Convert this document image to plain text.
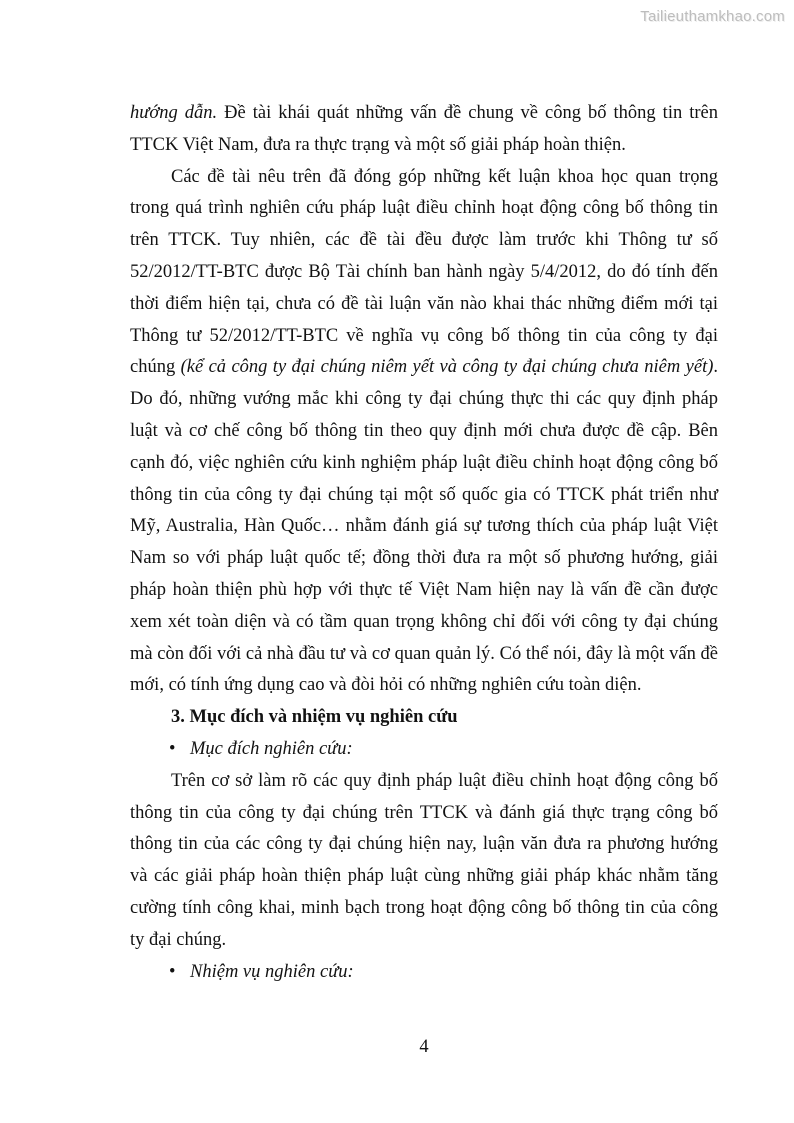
Tailieuthamkhao.com

hướng dẫn. Đề tài khái quát những vấn đề chung về công bố thông tin trên TTCK Việt Nam, đưa ra thực trạng và một số giải pháp hoàn thiện.

Các đề tài nêu trên đã đóng góp những kết luận khoa học quan trọng trong quá trình nghiên cứu pháp luật điều chỉnh hoạt động công bố thông tin trên TTCK. Tuy nhiên, các đề tài đều được làm trước khi Thông tư số 52/2012/TT-BTC được Bộ Tài chính ban hành ngày 5/4/2012, do đó tính đến thời điểm hiện tại, chưa có đề tài luận văn nào khai thác những điểm mới tại Thông tư 52/2012/TT-BTC về nghĩa vụ công bố thông tin của công ty đại chúng (kể cả công ty đại chúng niêm yết và công ty đại chúng chưa niêm yết). Do đó, những vướng mắc khi công ty đại chúng thực thi các quy định pháp luật và cơ chế công bố thông tin theo quy định mới chưa được đề cập. Bên cạnh đó, việc nghiên cứu kinh nghiệm pháp luật điều chỉnh hoạt động công bố thông tin của công ty đại chúng tại một số quốc gia có TTCK phát triển như Mỹ, Australia, Hàn Quốc… nhằm đánh giá sự tương thích của pháp luật Việt Nam so với pháp luật quốc tế; đồng thời đưa ra một số phương hướng, giải pháp hoàn thiện phù hợp với thực tế Việt Nam hiện nay là vấn đề cần được xem xét toàn diện và có tầm quan trọng không chỉ đối với công ty đại chúng mà còn đối với cả nhà đầu tư và cơ quan quản lý. Có thể nói, đây là một vấn đề mới, có tính ứng dụng cao và đòi hỏi có những nghiên cứu toàn diện.

3. Mục đích và nhiệm vụ nghiên cứu

• Mục đích nghiên cứu:

Trên cơ sở làm rõ các quy định pháp luật điều chỉnh hoạt động công bố thông tin của công ty đại chúng trên TTCK và đánh giá thực trạng công bố thông tin của các công ty đại chúng hiện nay, luận văn đưa ra phương hướng và các giải pháp hoàn thiện pháp luật cùng những giải pháp khác nhằm tăng cường tính công khai, minh bạch trong hoạt động công bố thông tin của công ty đại chúng.

• Nhiệm vụ nghiên cứu:

4
